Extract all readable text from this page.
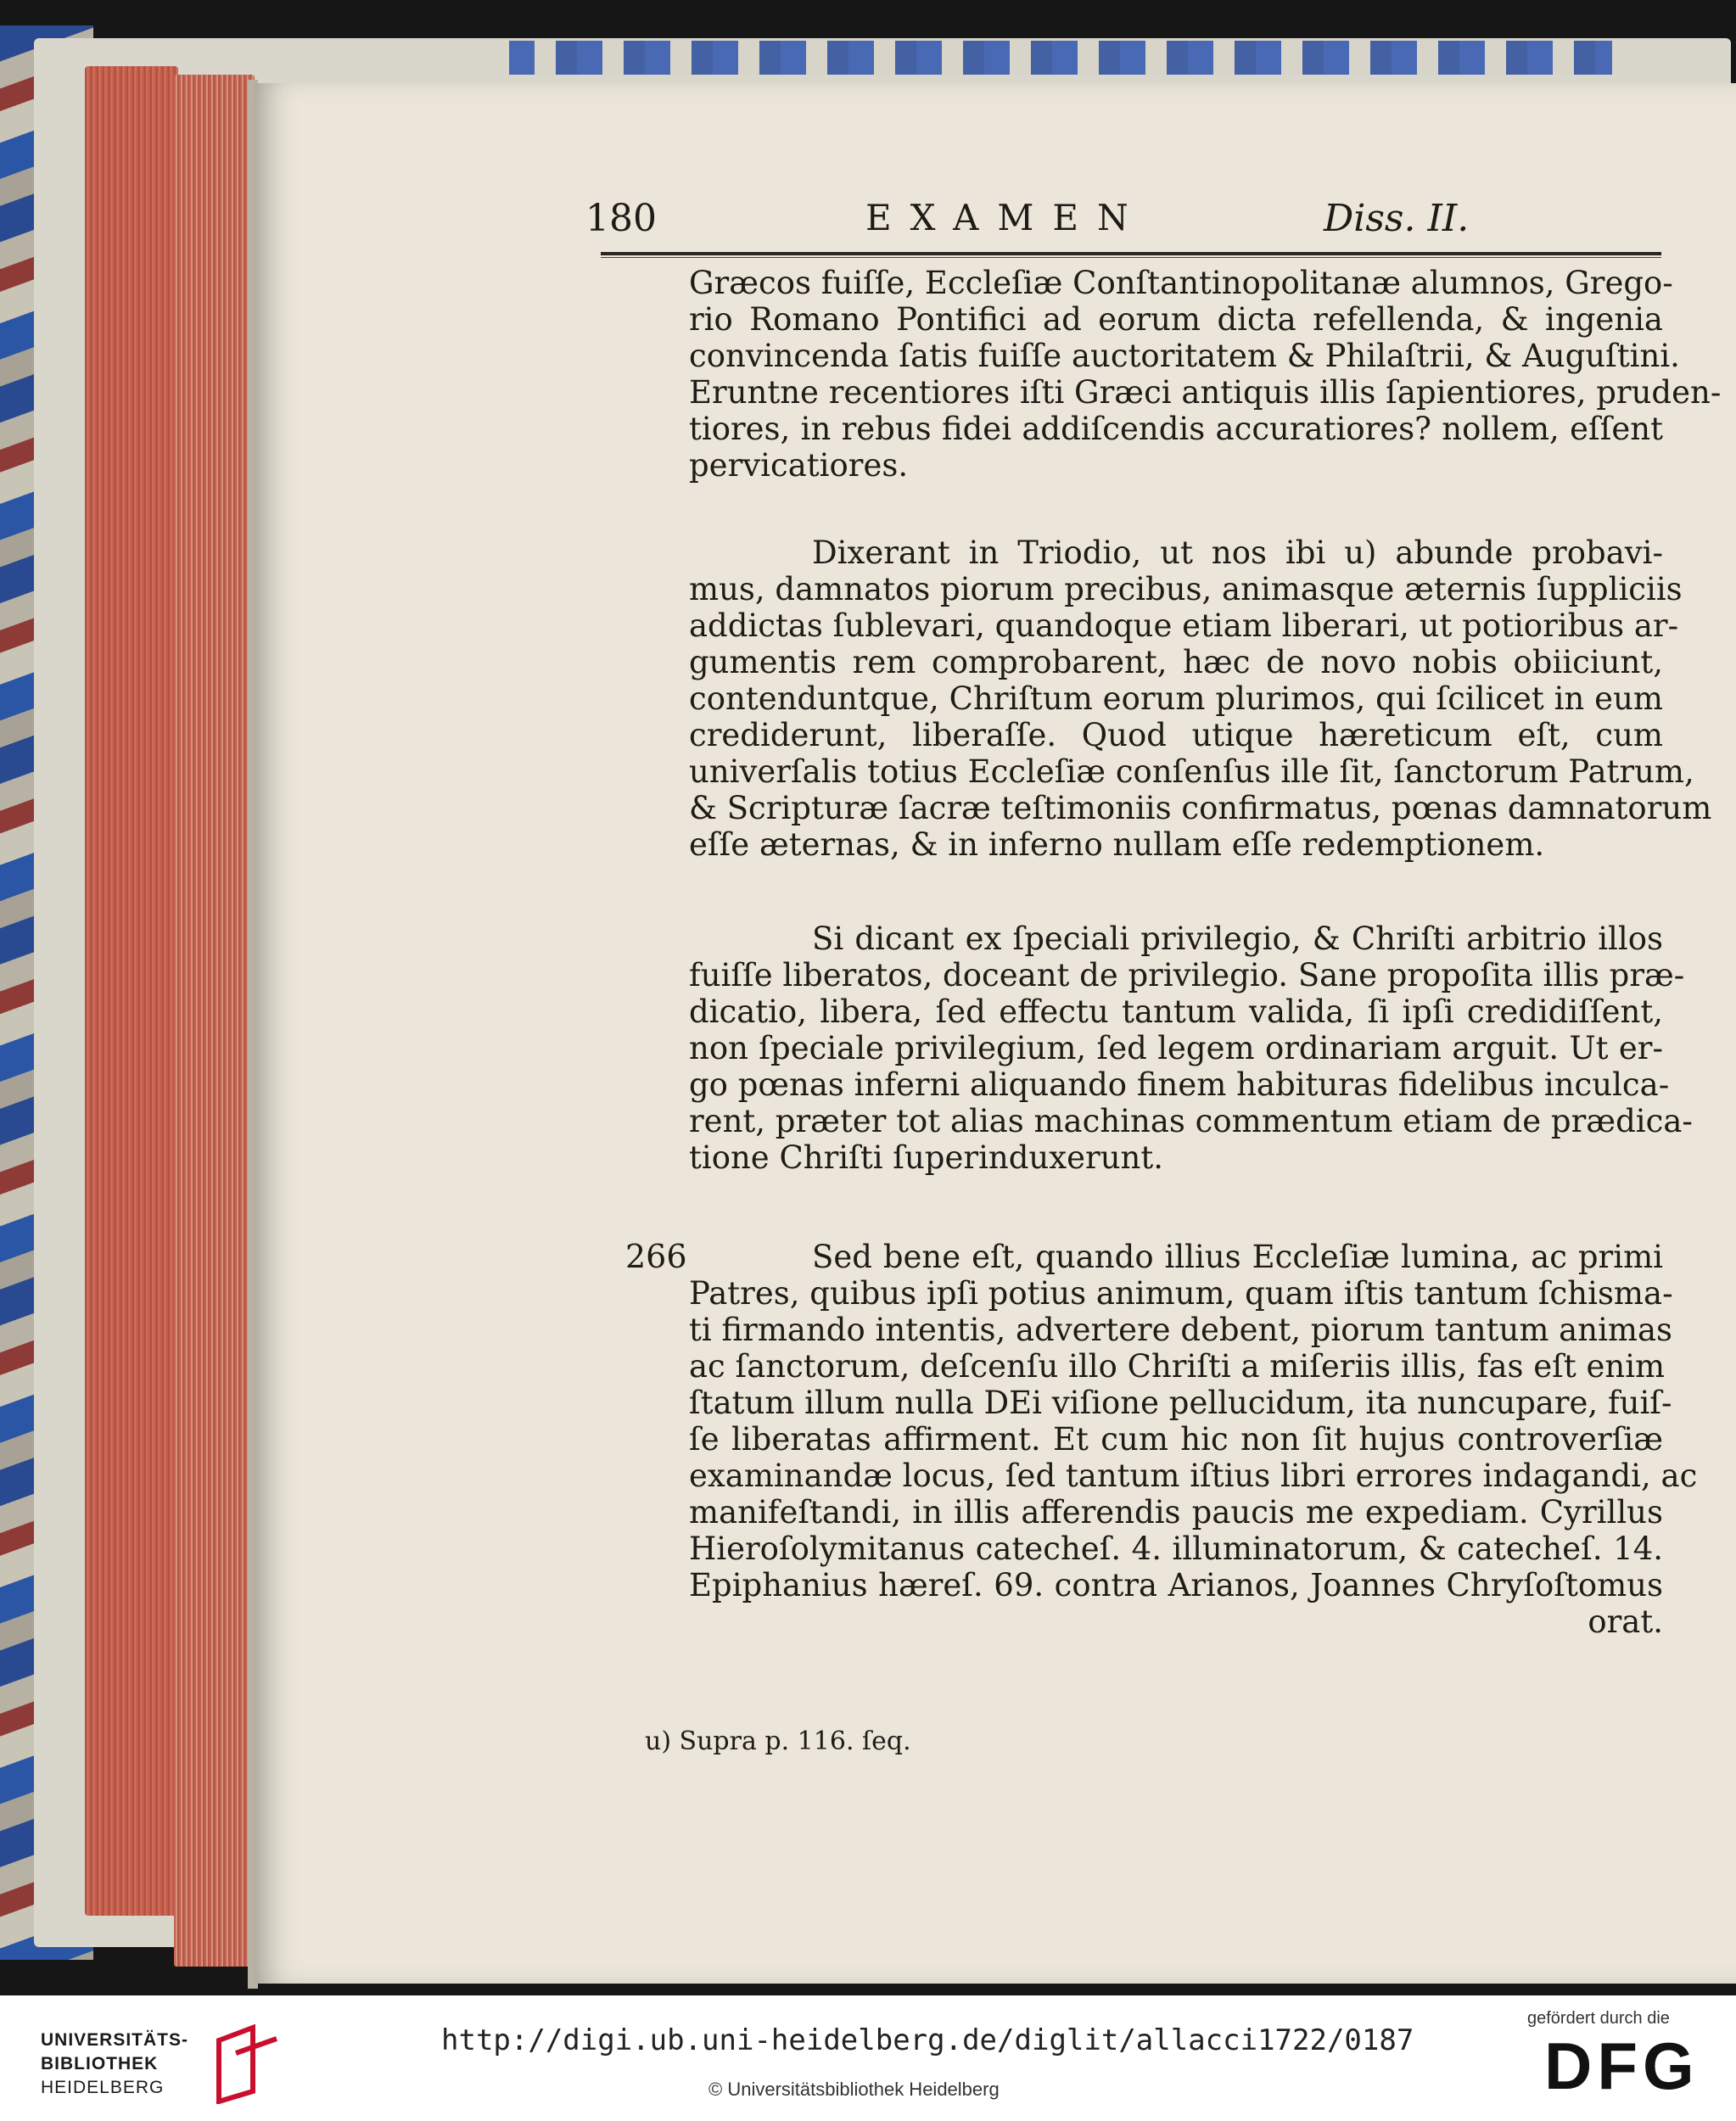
180	EXAMEN	Diss. II.
Græcos fuiſſe, Eccleſiæ Conſtantinopolitanæ alumnos, Grego-
rio Romano Pontifici ad eorum dicta refellenda, & ingenia
convincenda ſatis fuiſſe auctoritatem & Philaſtrii, & Auguſtini.
Eruntne recentiores iſti Græci antiquis illis ſapientiores, pruden-
tiores, in rebus fidei addiſcendis accuratiores? nollem, eſſent
pervicatiores.
Dixerant in Triodio, ut nos ibi u) abunde probavi-
mus, damnatos piorum precibus, animasque æternis ſuppliciis
addictas ſublevari, quandoque etiam liberari, ut potioribus ar-
gumentis rem comprobarent, hæc de novo nobis obiiciunt,
contenduntque, Chriſtum eorum plurimos, qui ſcilicet in eum
crediderunt, liberaſſe. Quod utique hæreticum eſt, cum
univerſalis totius Eccleſiæ conſenſus ille ſit, ſanctorum Patrum,
& Scripturæ ſacræ teſtimoniis confirmatus, pœnas damnatorum
eſſe æternas, & in inferno nullam eſſe redemptionem.
Si dicant ex ſpeciali privilegio, & Chriſti arbitrio illos
fuiſſe liberatos, doceant de privilegio. Sane propoſita illis præ-
dicatio, libera, ſed effectu tantum valida, ſi ipſi credidiſſent,
non ſpeciale privilegium, ſed legem ordinariam arguit. Ut er-
go pœnas inferni aliquando finem habituras fidelibus inculca-
rent, præter tot alias machinas commentum etiam de prædica-
tione Chriſti ſuperinduxerunt.
266	Sed bene eſt, quando illius Eccleſiæ lumina, ac primi
Patres, quibus ipſi potius animum, quam iſtis tantum ſchisma-
ti firmando intentis, advertere debent, piorum tantum animas
ac ſanctorum, deſcenſu illo Chriſti a miſeriis illis, fas eſt enim
ſtatum illum nulla DEi viſione pellucidum, ita nuncupare, fuiſ-
ſe liberatas affirment. Et cum hic non ſit hujus controverſiæ
examinandæ locus, ſed tantum iſtius libri errores indagandi, ac
manifeſtandi, in illis afferendis paucis me expediam. Cyrillus
Hieroſolymitanus catecheſ. 4. illuminatorum, & catecheſ. 14.
Epiphanius hæreſ. 69. contra Arianos, Joannes Chryſoſtomus
orat.
u) Supra p. 116. ſeq.
UNIVERSITÄTS-
BIBLIOTHEK
HEIDELBERG
http://digi.ub.uni-heidelberg.de/diglit/allacci1722/0187
© Universitätsbibliothek Heidelberg
gefördert durch die
DFG
